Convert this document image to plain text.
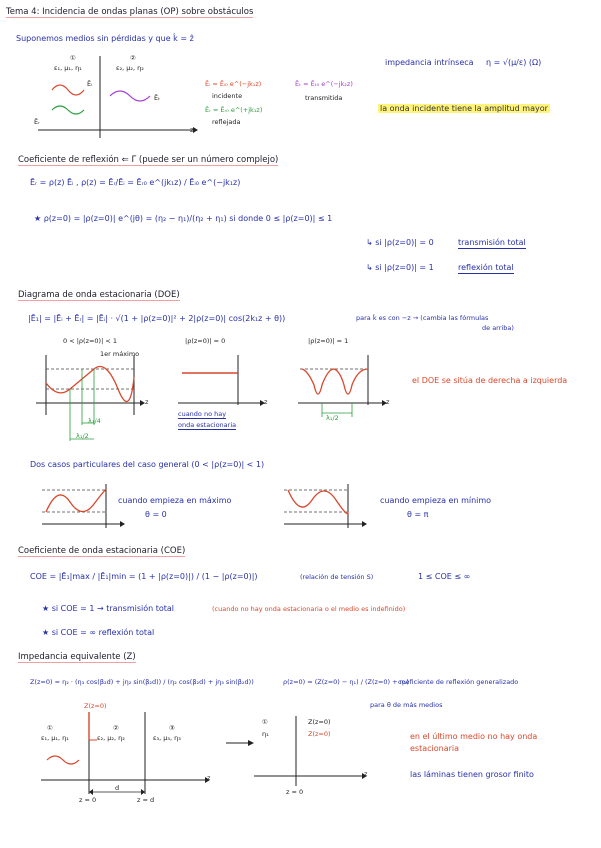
Tema 4: Incidencia de ondas planas (OP) sobre obstáculos
Suponemos medios sin pérdidas y que k̂ = ẑ
①
ε₁, μ₁, η₁
②
ε₂, μ₂, η₂
Ēᵢ
Ēᵣ
Ēₜ
z
Ēᵢ = Ēᵢ₀ e^(−jk₁z)
incidente
Ēᵣ = Ēᵣ₀ e^(+jk₁z)
reflejada
Ēₜ = Ēₜ₀ e^(−jk₂z)
transmitida
impedancia intrínseca η = √(μ/ε) (Ω)
la onda incidente tiene la amplitud mayor
Coeficiente de reflexión ⇐ Γ (puede ser un número complejo)
Ēᵣ = ρ(z) Ēᵢ , ρ(z) = Ēᵣ/Ēᵢ = Ēᵣ₀ e^(jk₁z) / Ēᵢ₀ e^(−jk₁z)
★ ρ(z=0) = |ρ(z=0)| e^(jθ) = (η₂ − η₁)/(η₂ + η₁) si donde 0 ≤ |ρ(z=0)| ≤ 1
↳ si |ρ(z=0)| = 0	transmisión total
↳ si |ρ(z=0)| = 1	reflexión total
Diagrama de onda estacionaria (DOE)
|Ē₁| = |Ēᵢ + Ēᵣ| = |Ēᵢ| · √(1 + |ρ(z=0)|² + 2|ρ(z=0)| cos(2k₁z + θ))	para k̂ es con −z → (cambia las fórmulas
de arriba)
0 < |ρ(z=0)| < 1
1er máximo
z
λ₁/4
λ₁/2
|ρ(z=0)| = 0
z
cuando no hay
onda estacionaria
|ρ(z=0)| = 1
z
λ₁/2
el DOE se sitúa de derecha a izquierda
Dos casos particulares del caso general (0 < |ρ(z=0)| < 1)
cuando empieza en máximo
θ = 0
cuando empieza en mínimo
θ = π
Coeficiente de onda estacionaria (COE)
COE = |Ē₁|max / |Ē₁|min = (1 + |ρ(z=0)|) / (1 − |ρ(z=0)|)	(relación de tensión S)	1 ≤ COE ≤ ∞
★ si COE = 1 → transmisión total	(cuando no hay onda estacionaria o el medio es indefinido)
★ si COE = ∞ reflexión total
Impedancia equivalente (Z)
Z(z=0) = η₂ · (η₃ cos(β₂d) + jη₂ sin(β₂d)) / (η₂ cos(β₂d) + jη₃ sin(β₂d))	ρ(z=0) = (Z(z=0) − η₁) / (Z(z=0) + η₁)
coeficiente de reflexión generalizado
para θ de más medios
Z(z=0)
①
ε₁, μ₁, η₁
②
ε₂, μ₂, η₂
③
ε₃, μ₃, η₃
z = 0	z = d
d
z
①
η₁
Z(z=0)
Z(z=0)
z = 0
z
en el último medio no hay onda
estacionaria
las láminas tienen grosor finito
